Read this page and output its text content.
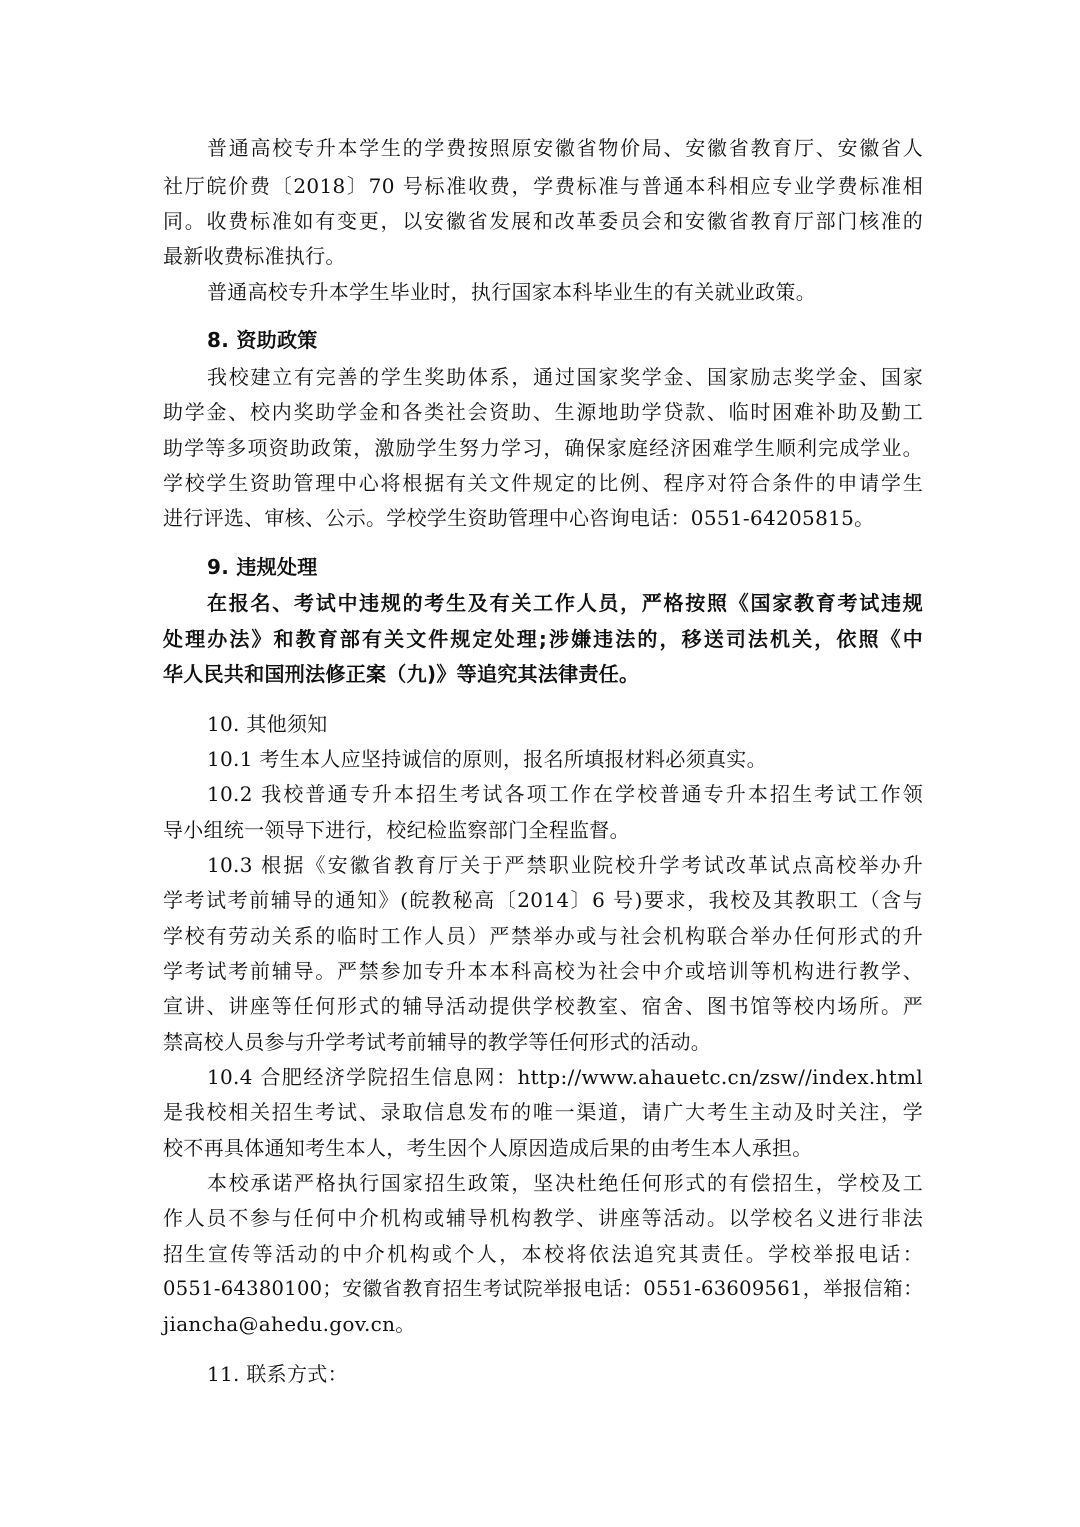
普通高校专升本学生的学费按照原安徽省物价局、安徽省教育厅、安徽省人
社厅皖价费〔2018〕70 号标准收费，学费标准与普通本科相应专业学费标准相
同。收费标准如有变更，以安徽省发展和改革委员会和安徽省教育厅部门核准的
最新收费标准执行。
普通高校专升本学生毕业时，执行国家本科毕业生的有关就业政策。
8. 资助政策
我校建立有完善的学生奖助体系，通过国家奖学金、国家励志奖学金、国家
助学金、校内奖助学金和各类社会资助、生源地助学贷款、临时困难补助及勤工
助学等多项资助政策，激励学生努力学习，确保家庭经济困难学生顺利完成学业。
学校学生资助管理中心将根据有关文件规定的比例、程序对符合条件的申请学生
进行评选、审核、公示。学校学生资助管理中心咨询电话：0551-64205815。
9. 违规处理
在报名、考试中违规的考生及有关工作人员，严格按照《国家教育考试违规
处理办法》和教育部有关文件规定处理;涉嫌违法的，移送司法机关，依照《中
华人民共和国刑法修正案（九)》等追究其法律责任。
10. 其他须知
10.1 考生本人应坚持诚信的原则，报名所填报材料必须真实。
10.2 我校普通专升本招生考试各项工作在学校普通专升本招生考试工作领
导小组统一领导下进行，校纪检监察部门全程监督。
10.3 根据《安徽省教育厅关于严禁职业院校升学考试改革试点高校举办升
学考试考前辅导的通知》(皖教秘高〔2014〕6 号)要求，我校及其教职工（含与
学校有劳动关系的临时工作人员）严禁举办或与社会机构联合举办任何形式的升
学考试考前辅导。严禁参加专升本本科高校为社会中介或培训等机构进行教学、
宣讲、讲座等任何形式的辅导活动提供学校教室、宿舍、图书馆等校内场所。严
禁高校人员参与升学考试考前辅导的教学等任何形式的活动。
10.4 合肥经济学院招生信息网：http://www.ahauetc.cn/zsw//index.html
是我校相关招生考试、录取信息发布的唯一渠道，请广大考生主动及时关注，学
校不再具体通知考生本人，考生因个人原因造成后果的由考生本人承担。
本校承诺严格执行国家招生政策，坚决杜绝任何形式的有偿招生，学校及工
作人员不参与任何中介机构或辅导机构教学、讲座等活动。以学校名义进行非法
招生宣传等活动的中介机构或个人，本校将依法追究其责任。学校举报电话：
0551-64380100；安徽省教育招生考试院举报电话：0551-63609561，举报信箱：
jiancha@ahedu.gov.cn。
11. 联系方式：
